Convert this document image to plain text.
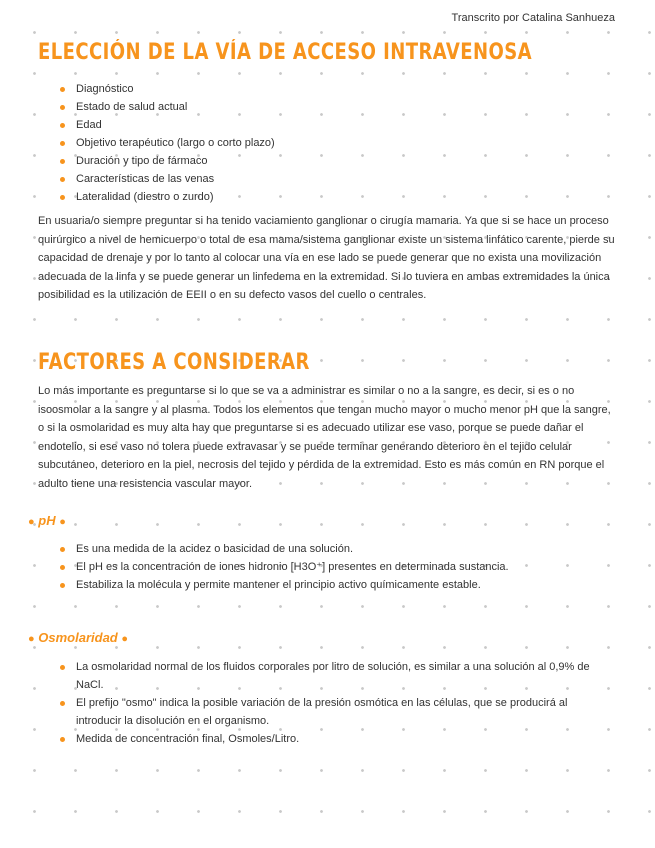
Transcrito por Catalina Sanhueza
ELECCIÓN DE LA VÍA DE ACCESO INTRAVENOSA
Diagnóstico
Estado de salud actual
Edad
Objetivo terapéutico (largo o corto plazo)
Duración y tipo de fármaco
Características de las venas
Lateralidad (diestro o zurdo)

En usuaria/o siempre preguntar si ha tenido vaciamiento ganglionar o cirugía mamaria. Ya que si se hace un proceso quirúrgico a nivel de hemicuerpo o total de esa mama/sistema ganglionar existe un sistema linfático carente, pierde su capacidad de drenaje y por lo tanto al colocar una vía en ese lado se puede generar que no exista una movilización adecuada de la linfa y se puede generar un linfedema en la extremidad. Si lo tuviera en ambas extremidades la única posibilidad es la utilización de EEII o en su defecto vasos del cuello o centrales.

FACTORES A CONSIDERAR

Lo más importante es preguntarse si lo que se va a administrar es similar o no a la sangre, es decir, si es o no isoosmolar a la sangre y al plasma. Todos los elementos que tengan mucho mayor o mucho menor pH que la sangre, o si la osmolaridad es muy alta hay que preguntarse si es adecuado utilizar ese vaso, porque se puede dañar el endotelio, si ese vaso no tolera puede extravasar y se puede terminar generando deterioro en el tejido celular subcutáneo, deterioro en la piel, necrosis del tejido y pérdida de la extremidad. Esto es más común en RN porque el adulto tiene una resistencia vascular mayor.

● pH ●
Es una medida de la acidez o basicidad de una solución.
El pH es la concentración de iones hidronio [H3O⁺] presentes en determinada sustancia.
Estabiliza la molécula y permite mantener el principio activo químicamente estable.
● Osmolaridad ●
La osmolaridad normal de los fluidos corporales por litro de solución, es similar a una solución al 0,9% de NaCl.
El prefijo "osmo" indica la posible variación de la presión osmótica en las células, que se producirá al introducir la disolución en el organismo.
Medida de concentración final, Osmoles/Litro.
